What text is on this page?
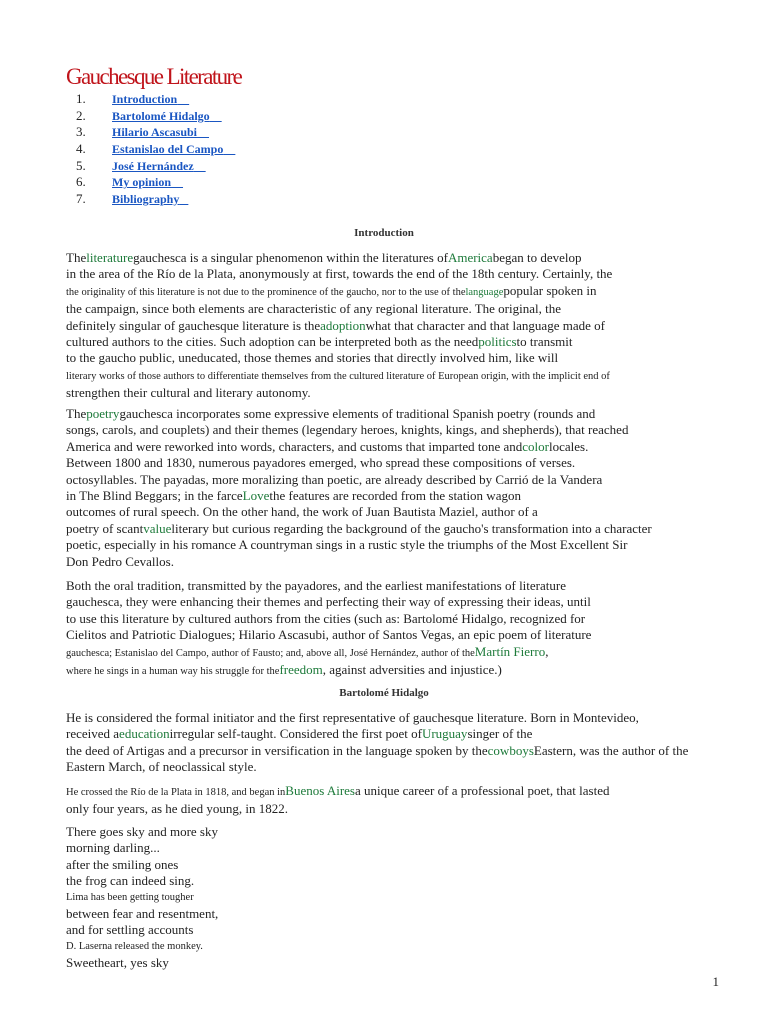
Gauchesque Literature
1.	Introduction
2.	Bartolomé Hidalgo
3.	Hilario Ascasubi
4.	Estanislao del Campo
5.	José Hernández
6.	My opinion
7.	Bibliography
Introduction

Theliteraturegauchesca is a singular phenomenon within the literatures ofAmericabegan to develop
in the area of the Río de la Plata, anonymously at first, towards the end of the 18th century. Certainly, the
the originality of this literature is not due to the prominence of the gaucho, nor to the use of thelanguagepopular spoken in
the campaign, since both elements are characteristic of any regional literature. The original, the
definitely singular of gauchesque literature is theadoptionwhat that character and that language made of
cultured authors to the cities. Such adoption can be interpreted both as the needpoliticsto transmit
to the gaucho public, uneducated, those themes and stories that directly involved him, like will
literary works of those authors to differentiate themselves from the cultured literature of European origin, with the implicit end of
strengthen their cultural and literary autonomy.

Thepoetrygauchesca incorporates some expressive elements of traditional Spanish poetry (rounds and
songs, carols, and couplets) and their themes (legendary heroes, knights, kings, and shepherds), that reached
America and were reworked into words, characters, and customs that imparted tone andcolorlocales.
Between 1800 and 1830, numerous payadores emerged, who spread these compositions of verses.
octosyllables. The payadas, more moralizing than poetic, are already described by Carrió de la Vandera
in The Blind Beggars; in the farceLovethe features are recorded from the station wagon
outcomes of rural speech. On the other hand, the work of Juan Bautista Maziel, author of a
poetry of scantvalueliterary but curious regarding the background of the gaucho's transformation into a character
poetic, especially in his romance A countryman sings in a rustic style the triumphs of the Most Excellent Sir
Don Pedro Cevallos.

Both the oral tradition, transmitted by the payadores, and the earliest manifestations of literature
gauchesca, they were enhancing their themes and perfecting their way of expressing their ideas, until
to use this literature by cultured authors from the cities (such as: Bartolomé Hidalgo, recognized for
Cielitos and Patriotic Dialogues; Hilario Ascasubi, author of Santos Vegas, an epic poem of literature
gauchesca; Estanislao del Campo, author of Fausto; and, above all, José Hernández, author of theMartín Fierro,
where he sings in a human way his struggle for thefreedom, against adversities and injustice.)

Bartolomé Hidalgo

He is considered the formal initiator and the first representative of gauchesque literature. Born in Montevideo,
received aeducationirregular self-taught. Considered the first poet ofUruguaysinger of the
the deed of Artigas and a precursor in versification in the language spoken by thecowboysEastern, was the author of the
Eastern March, of neoclassical style.

He crossed the Río de la Plata in 1818, and began inBuenos Airesa unique career of a professional poet, that lasted
only four years, as he died young, in 1822.

There goes sky and more sky
morning darling...
after the smiling ones
the frog can indeed sing.
Lima has been getting tougher
between fear and resentment,
and for settling accounts
D. Laserna released the monkey.
Sweetheart, yes sky
1
